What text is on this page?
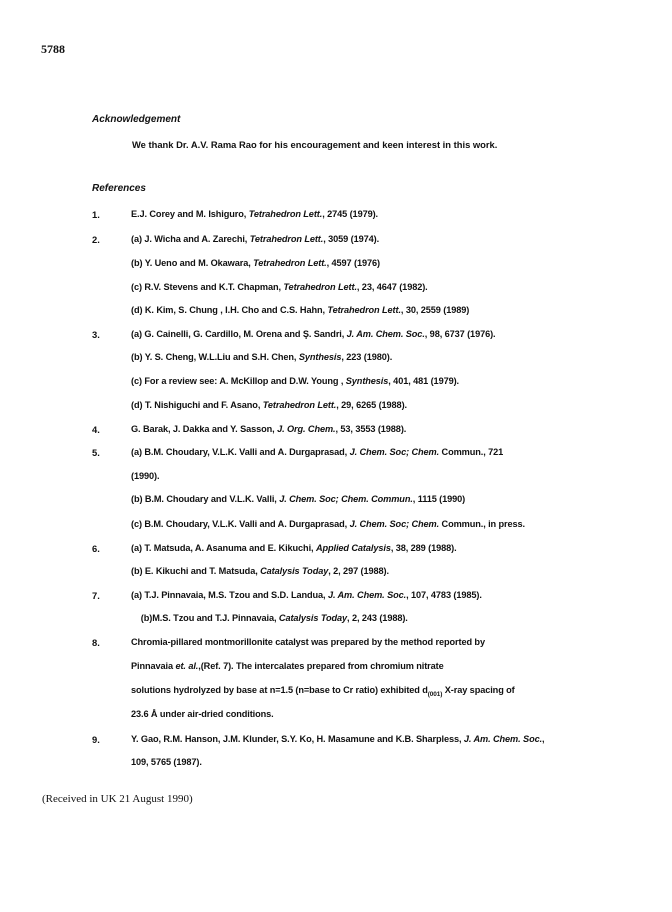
5788
Acknowledgement
We thank Dr. A.V. Rama Rao for his encouragement and keen interest in this work.
References
1.	E.J. Corey and M. Ishiguro, Tetrahedron Lett., 2745 (1979).
2.	(a) J. Wicha and A. Zarechi, Tetrahedron Lett., 3059 (1974).
(b) Y. Ueno and M. Okawara, Tetrahedron Lett., 4597 (1976)
(c) R.V. Stevens and K.T. Chapman, Tetrahedron Lett., 23, 4647 (1982).
(d) K. Kim, S. Chung , I.H. Cho and C.S. Hahn, Tetrahedron Lett., 30, 2559 (1989)
3.	(a) G. Cainelli, G. Cardillo, M. Orena and Ş. Sandri, J. Am. Chem. Soc., 98, 6737 (1976).
(b) Y. S. Cheng, W.L.Liu and S.H. Chen, Synthesis, 223 (1980).
(c) For a review see: A. McKillop and D.W. Young , Synthesis, 401, 481 (1979).
(d) T. Nishiguchi and F. Asano, Tetrahedron Lett., 29, 6265 (1988).
4.	G. Barak, J. Dakka and Y. Sasson, J. Org. Chem., 53, 3553 (1988).
5.	(a) B.M. Choudary, V.L.K. Valli and A. Durgaprasad, J. Chem. Soc; Chem. Commun., 721
(1990).
(b) B.M. Choudary and V.L.K. Valli, J. Chem. Soc; Chem. Commun., 1115 (1990)
(c) B.M. Choudary, V.L.K. Valli and A. Durgaprasad, J. Chem. Soc; Chem. Commun., in press.
6.	(a) T. Matsuda, A. Asanuma and E. Kikuchi, Applied Catalysis, 38, 289 (1988).
(b) E. Kikuchi and T. Matsuda, Catalysis Today, 2, 297 (1988).
7.	(a) T.J. Pinnavaia, M.S. Tzou and S.D. Landua, J. Am. Chem. Soc., 107, 4783 (1985).
(b)M.S. Tzou and T.J. Pinnavaia, Catalysis Today, 2, 243 (1988).
8.	Chromia-pillared montmorillonite catalyst was prepared by the method reported by
Pinnavaia et. al.,(Ref. 7). The intercalates prepared from chromium nitrate
solutions hydrolyzed by base at n=1.5 (n=base to Cr ratio) exhibited $d_{(001)}$ X-ray spacing of
23.6 Å under air-dried conditions.
9.	Y. Gao, R.M. Hanson, J.M. Klunder, S.Y. Ko, H. Masamune and K.B. Sharpless, J. Am. Chem. Soc.,
109, 5765 (1987).
(Received in UK 21 August 1990)
